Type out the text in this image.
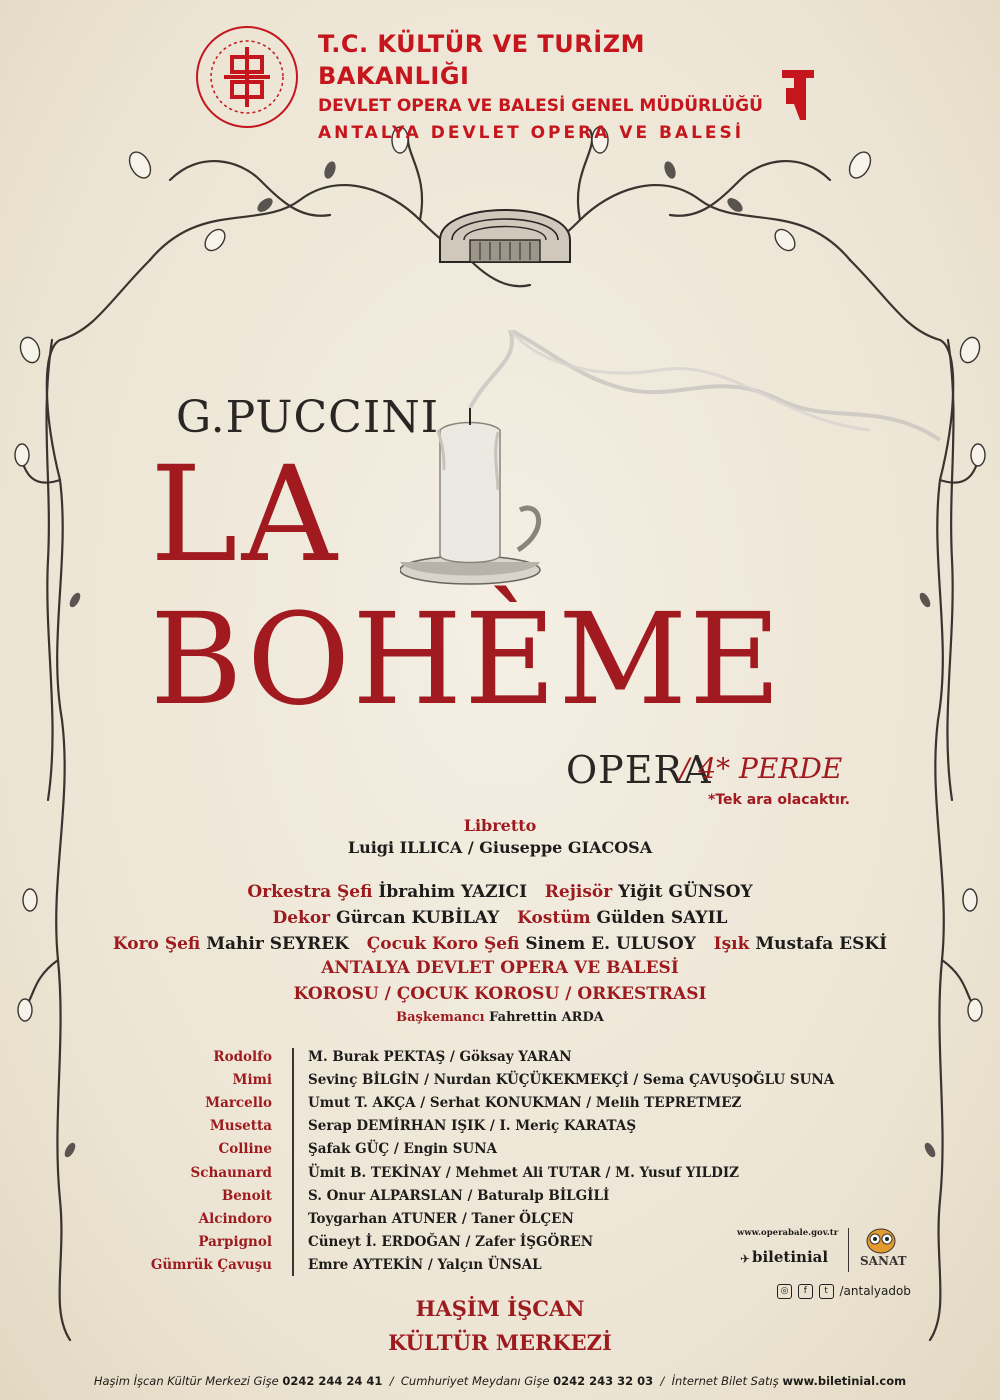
T.C. KÜLTÜR VE TURİZM BAKANLIĞI
DEVLET OPERA VE BALESİ GENEL MÜDÜRLÜĞÜ
ANTALYA DEVLET OPERA VE BALESİ
G.PUCCINI
LA
BOHÈME
OPERA
/ 4* PERDE
*Tek ara olacaktır.
Libretto
Luigi ILLICA / Giuseppe GIACOSA
Orkestra Şefi İbrahim YAZICI Rejisör Yiğit GÜNSOY
Dekor Gürcan KUBİLAY Kostüm Gülden SAYIL
Koro Şefi Mahir SEYREK Çocuk Koro Şefi Sinem E. ULUSOY Işık Mustafa ESKİ
ANTALYA DEVLET OPERA VE BALESİ
KOROSU / ÇOCUK KOROSU / ORKESTRASI
Başkemancı Fahrettin ARDA
Rodolfo	M. Burak PEKTAŞ / Göksay YARAN
Mimi	Sevinç BİLGİN / Nurdan KÜÇÜKEKMEKÇİ / Sema ÇAVUŞOĞLU SUNA
Marcello	Umut T. AKÇA / Serhat KONUKMAN / Melih TEPRETMEZ
Musetta	Serap DEMİRHAN IŞIK / I. Meriç KARATAŞ
Colline	Şafak GÜÇ / Engin SUNA
Schaunard	Ümit B. TEKİNAY / Mehmet Ali TUTAR / M. Yusuf YILDIZ
Benoit	S. Onur ALPARSLAN / Baturalp BİLGİLİ
Alcindoro	Toygarhan ATUNER / Taner ÖLÇEN
Parpignol	Cüneyt İ. ERDOĞAN / Zafer İŞGÖREN
Gümrük Çavuşu	Emre AYTEKİN / Yalçın ÜNSAL
www.operabale.gov.tr
✈ biletinial	SANAT
◎ f t /antalyadob
HAŞİM İŞCAN
KÜLTÜR MERKEZİ
Haşim İşcan Kültür Merkezi Gişe 0242 244 24 41  /  Cumhuriyet Meydanı Gişe 0242 243 32 03  /  İnternet Bilet Satış www.biletinial.com
